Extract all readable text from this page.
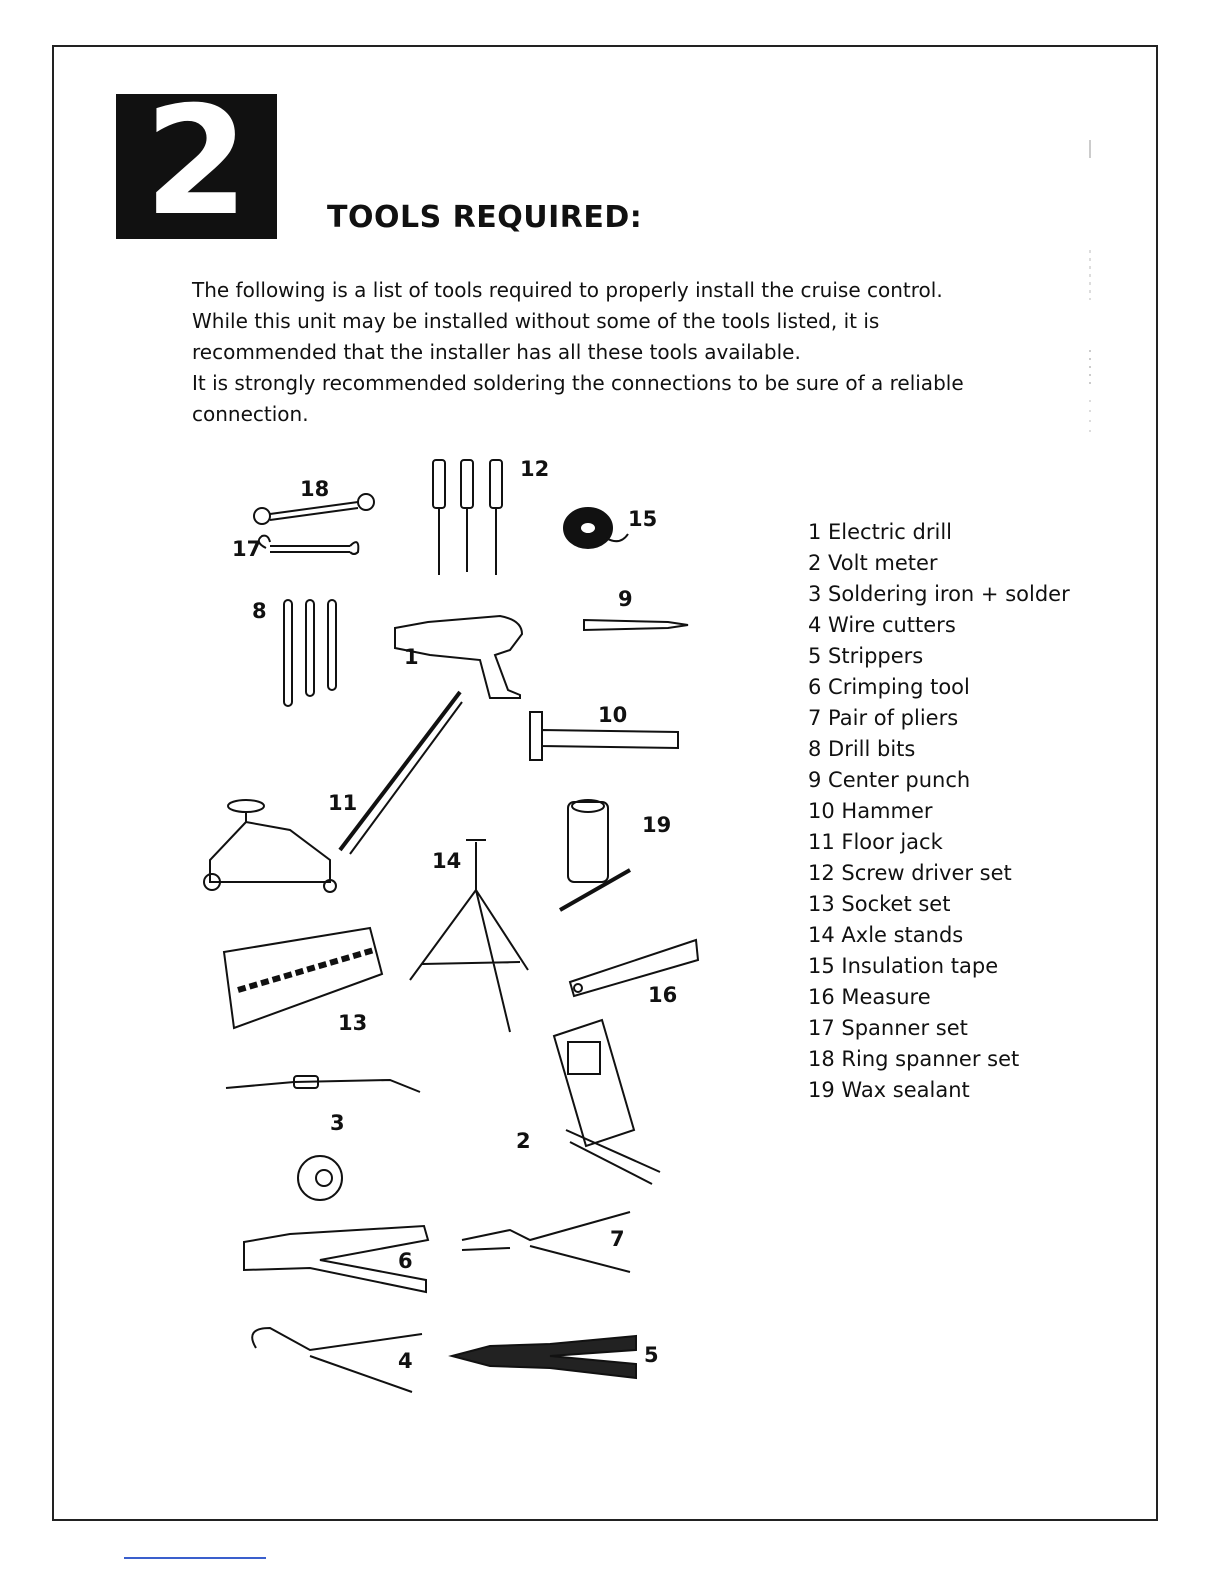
2	TOOLS REQUIRED:

The following is a list of tools required to properly install the cruise control.

While this unit may be installed without some of the tools listed, it is

recommended that the installer has all these tools available.

It is strongly recommended soldering the connections to be sure of a reliable

connection.

18
17
12
15
8
1
9
10
11
19
14
13
16
3
2
6
7
4	5
1 Electric drill
2 Volt meter
3 Soldering iron + solder
4 Wire cutters
5 Strippers
6 Crimping tool
7 Pair of pliers
8 Drill bits
9 Center punch
10 Hammer
11 Floor jack
12 Screw driver set
13 Socket set
14 Axle stands
15 Insulation tape
16 Measure
17 Spanner set
18 Ring spanner set
19 Wax sealant
